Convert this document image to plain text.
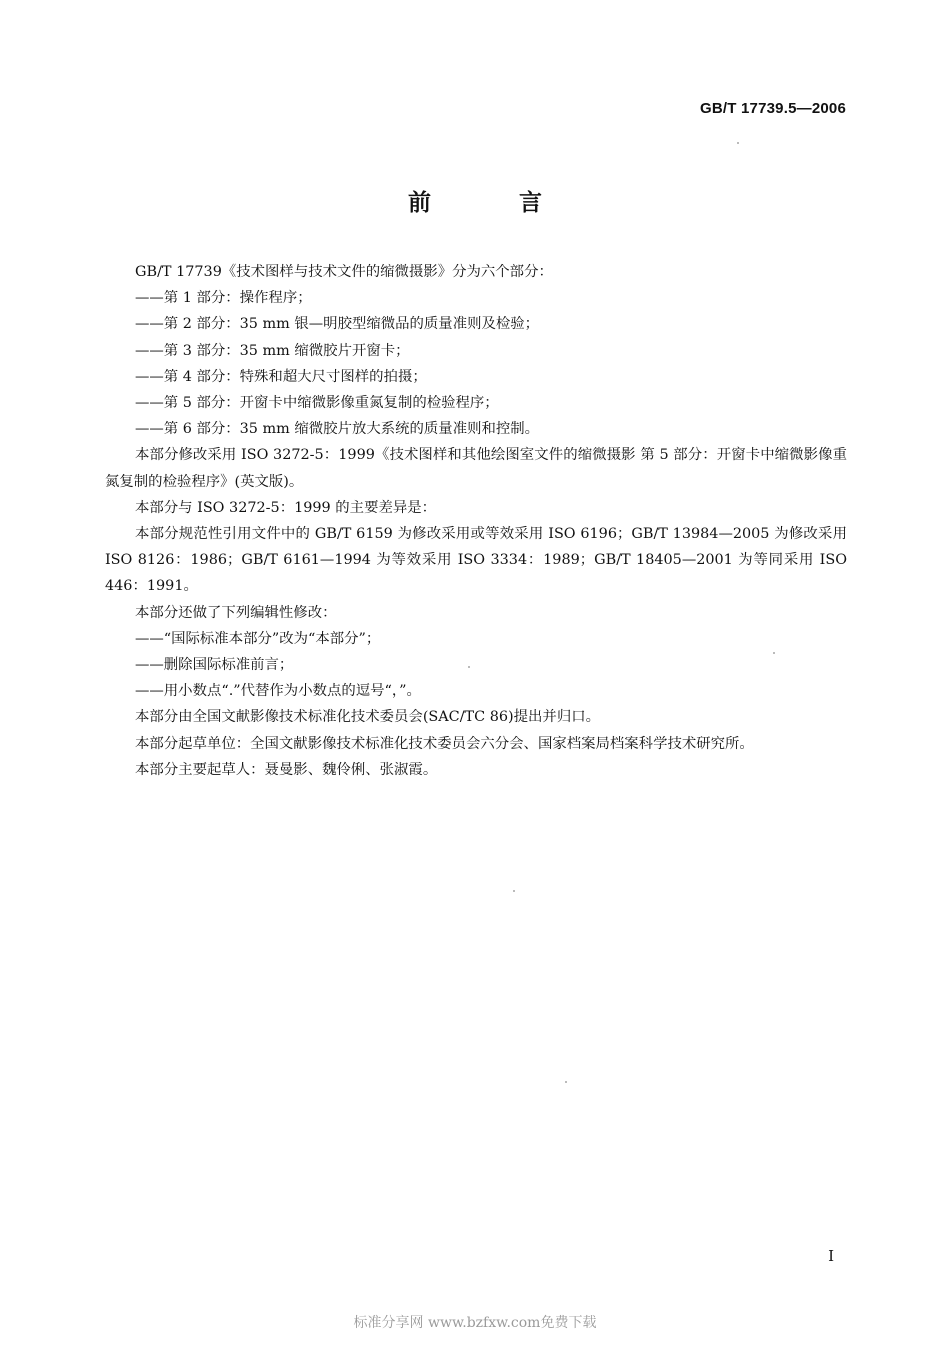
GB/T 17739.5—2006
前 言

GB/T 17739《技术图样与技术文件的缩微摄影》分为六个部分：

——第 1 部分：操作程序；

——第 2 部分：35 mm 银—明胶型缩微品的质量准则及检验；

——第 3 部分：35 mm 缩微胶片开窗卡；

——第 4 部分：特殊和超大尺寸图样的拍摄；

——第 5 部分：开窗卡中缩微影像重氮复制的检验程序；

——第 6 部分：35 mm 缩微胶片放大系统的质量准则和控制。

本部分修改采用 ISO 3272-5：1999《技术图样和其他绘图室文件的缩微摄影 第 5 部分：开窗卡中缩微影像重氮复制的检验程序》(英文版)。

本部分与 ISO 3272-5：1999 的主要差异是：

本部分规范性引用文件中的 GB/T 6159 为修改采用或等效采用 ISO 6196；GB/T 13984—2005 为修改采用 ISO 8126：1986；GB/T 6161—1994 为等效采用 ISO 3334：1989；GB/T 18405—2001 为等同采用 ISO 446：1991。

本部分还做了下列编辑性修改：

——“国际标准本部分”改为“本部分”；

——删除国际标准前言；

——用小数点“.”代替作为小数点的逗号“，”。

本部分由全国文献影像技术标准化技术委员会(SAC/TC 86)提出并归口。

本部分起草单位：全国文献影像技术标准化技术委员会六分会、国家档案局档案科学技术研究所。

本部分主要起草人：聂曼影、魏伶俐、张淑霞。

I
标准分享网 www.bzfxw.com免费下载
